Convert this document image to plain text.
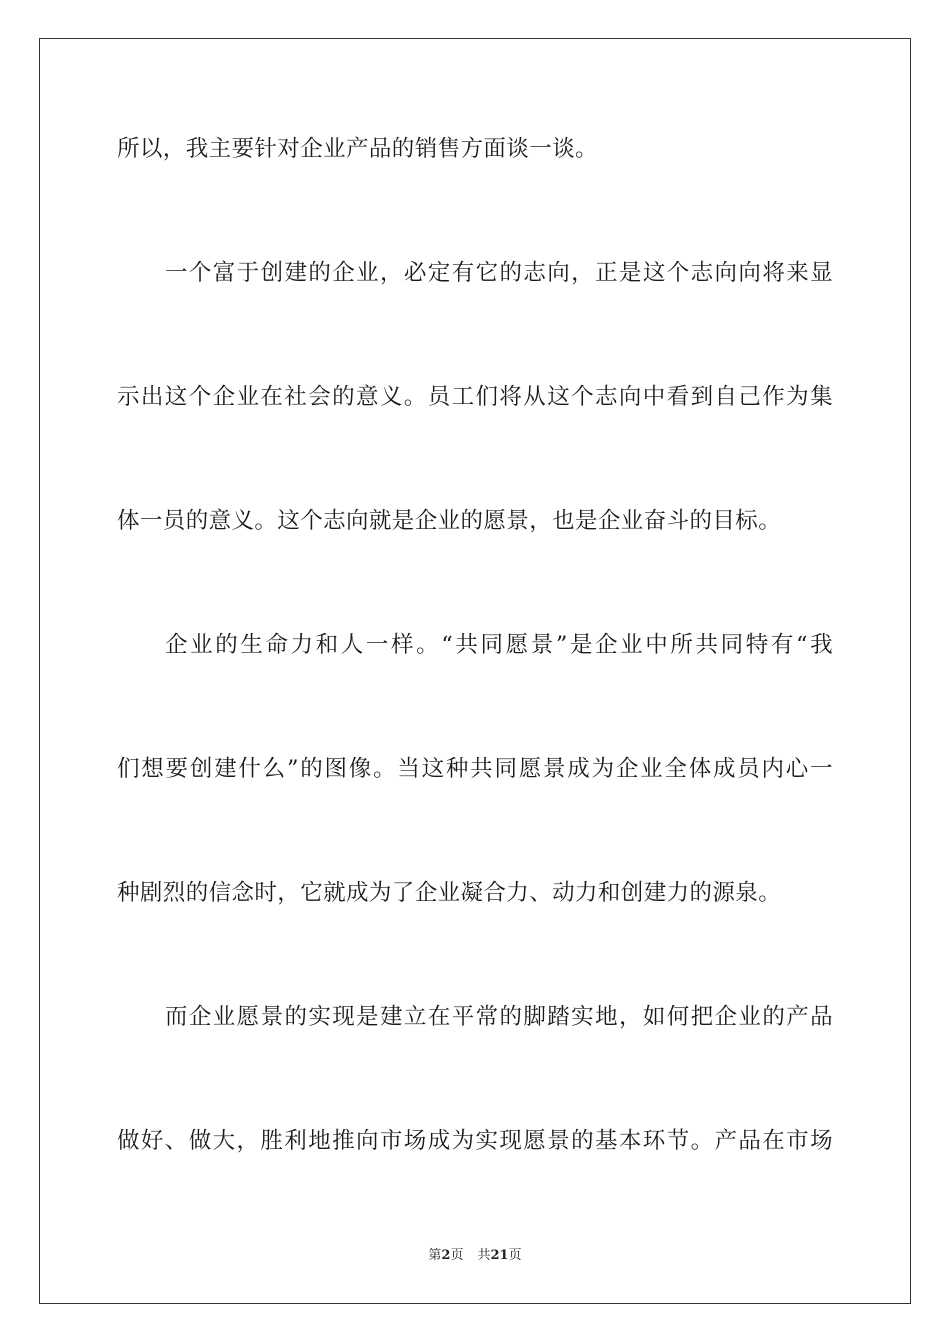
所以，我主要针对企业产品的销售方面谈一谈。
一个富于创建的企业，必定有它的志向，正是这个志向向将来显
示出这个企业在社会的意义。员工们将从这个志向中看到自己作为集
体一员的意义。这个志向就是企业的愿景，也是企业奋斗的目标。
企业的生命力和人一样。“共同愿景”是企业中所共同特有“我
们想要创建什么”的图像。当这种共同愿景成为企业全体成员内心一
种剧烈的信念时，它就成为了企业凝合力、动力和创建力的源泉。
而企业愿景的实现是建立在平常的脚踏实地，如何把企业的产品
做好、做大，胜利地推向市场成为实现愿景的基本环节。产品在市场
第2页 共21页
